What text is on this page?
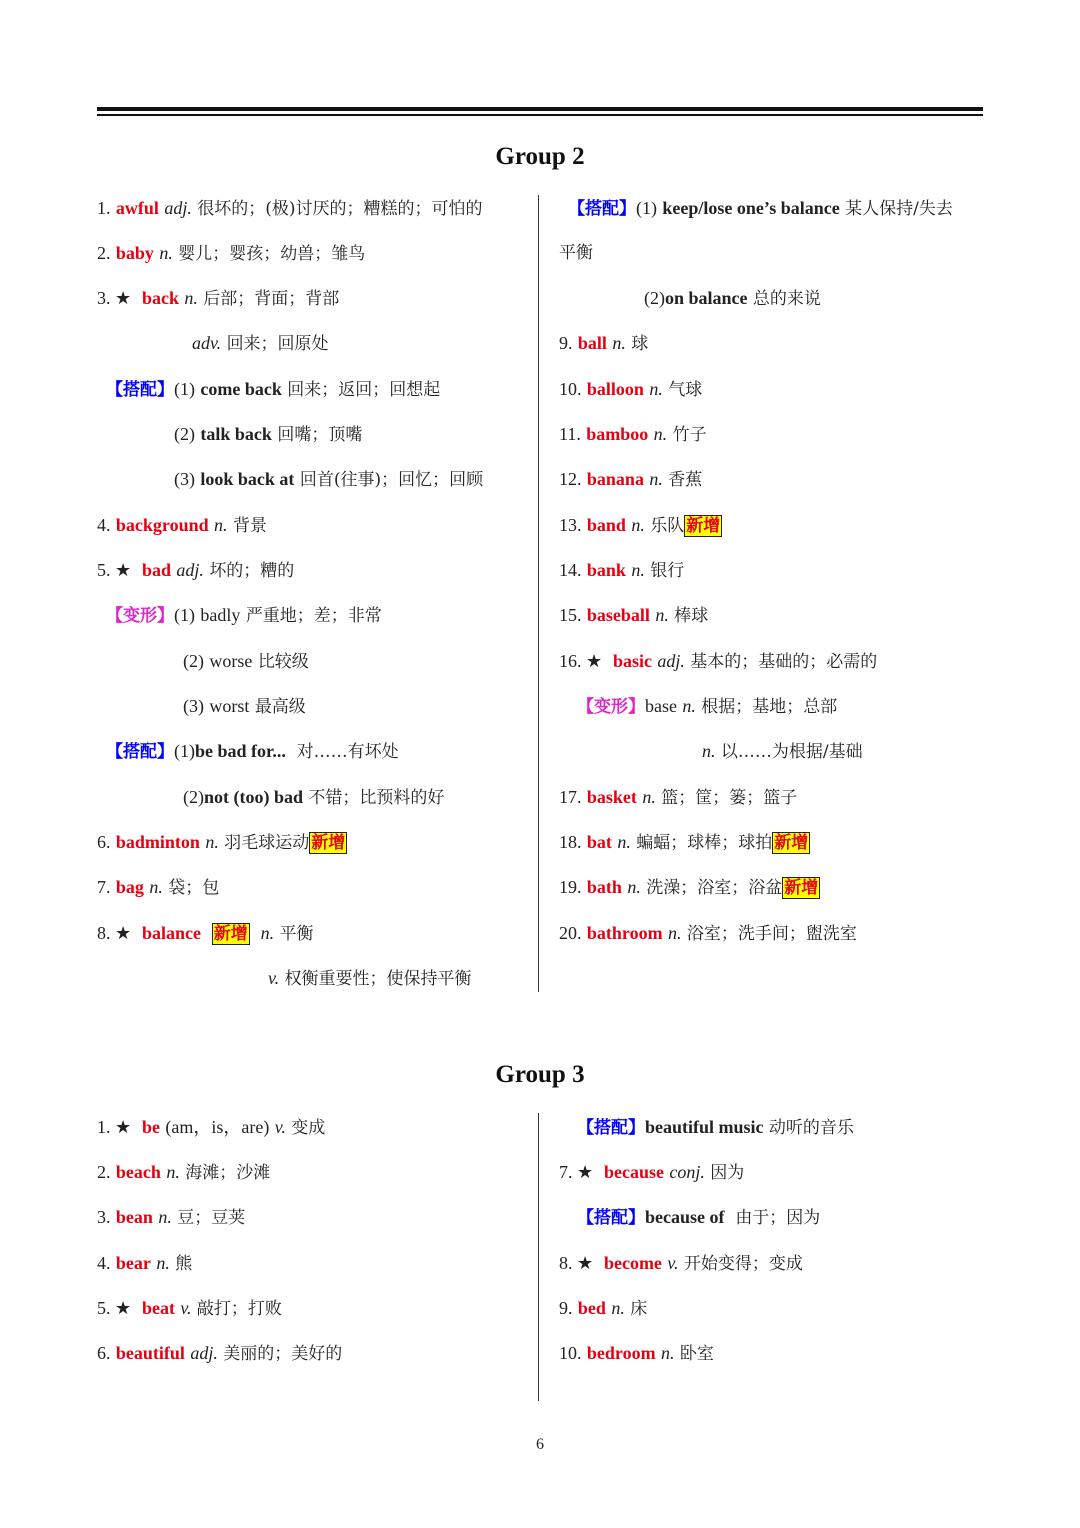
Group 2
1. awful adj. 很坏的；(极)讨厌的；糟糕的；可怕的
2. baby n. 婴儿；婴孩；幼兽；雏鸟
3. ★ back n. 后部；背面；背部
adv. 回来；回原处
【搭配】(1) come back 回来；返回；回想起
(2) talk back 回嘴；顶嘴
(3) look back at 回首(往事)；回忆；回顾
4. background n. 背景
5. ★ bad adj. 坏的；糟的
【变形】(1) badly 严重地；差；非常
(2) worse 比较级
(3) worst 最高级
【搭配】(1)be bad for... 对……有坏处
(2)not (too) bad 不错；比预料的好
6. badminton n. 羽毛球运动 新增
7. bag n. 袋；包
8. ★ balance 新增 n. 平衡
v. 权衡重要性；使保持平衡
【搭配】(1) keep/lose one’s balance 某人保持/失去
平衡
(2)on balance 总的来说
9. ball n. 球
10. balloon n. 气球
11. bamboo n. 竹子
12. banana n. 香蕉
13. band n. 乐队 新增
14. bank n. 银行
15. baseball n. 棒球
16. ★ basic adj. 基本的；基础的；必需的
【变形】base n. 根据；基地；总部
n. 以……为根据/基础
17. basket n. 篮；筐；篓；篮子
18. bat n. 蝙蝠；球棒；球拍 新增
19. bath n. 洗澡；浴室；浴盆 新增
20. bathroom n. 浴室；洗手间；盥洗室
Group 3
1. ★ be (am，is，are) v. 变成
2. beach n. 海滩；沙滩
3. bean n. 豆；豆荚
4. bear n. 熊
5. ★ beat v. 敲打；打败
6. beautiful adj. 美丽的；美好的
【搭配】beautiful music 动听的音乐
7. ★ because conj. 因为
【搭配】because of 由于；因为
8. ★ become v. 开始变得；变成
9. bed n. 床
10. bedroom n. 卧室
6
